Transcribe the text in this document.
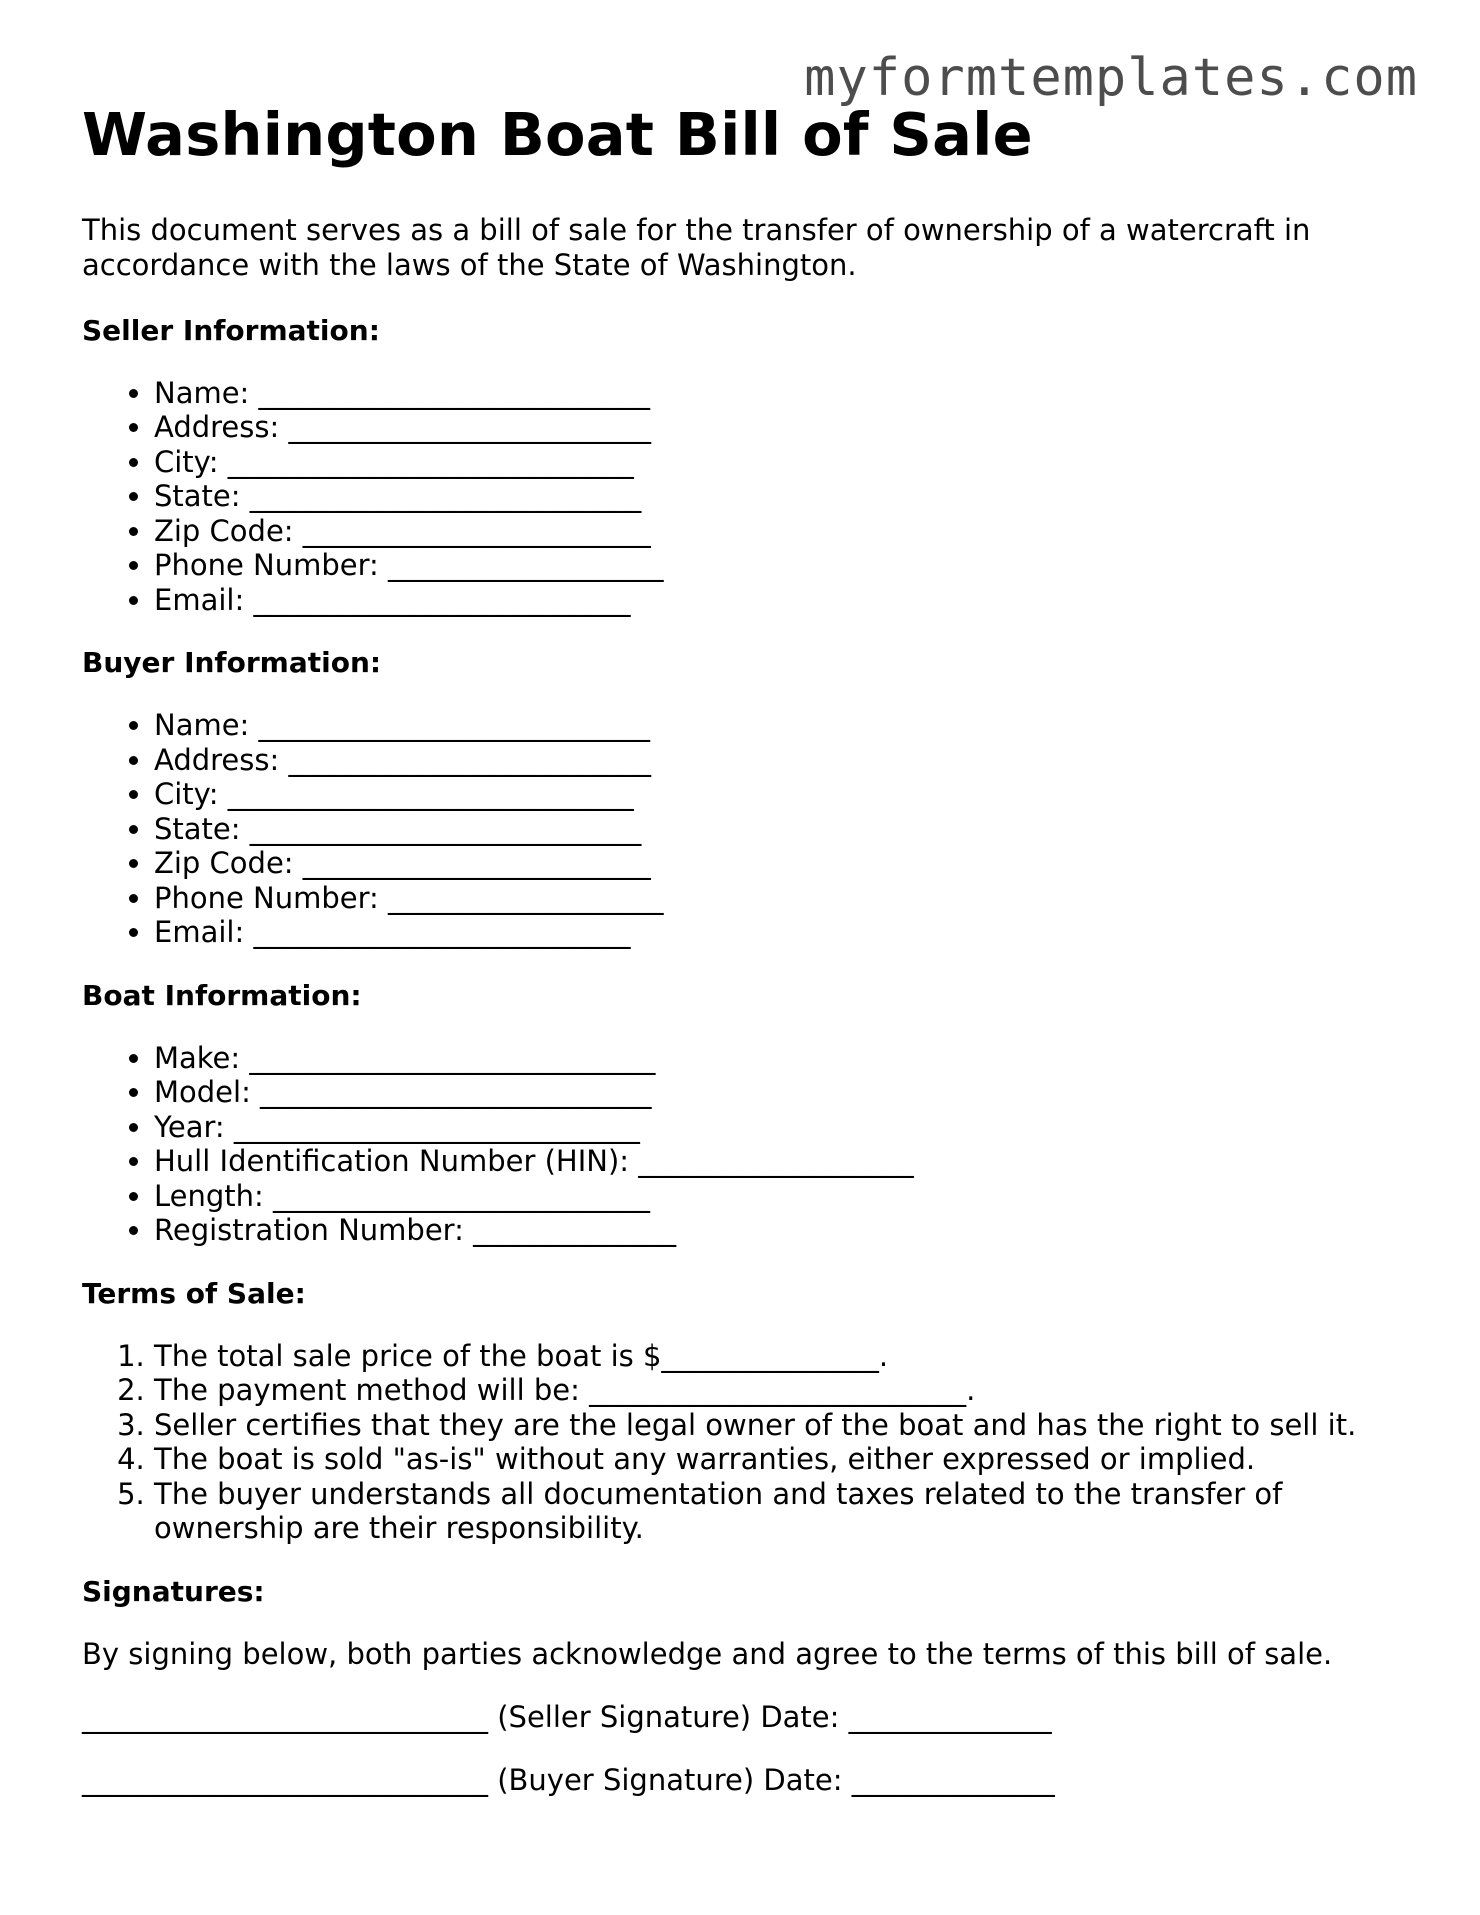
myformtemplates.com
Washington Boat Bill of Sale

This document serves as a bill of sale for the transfer of ownership of a watercraft in accordance with the laws of the State of Washington.

Seller Information:
• Name: ___________________________
• Address: _________________________
• City: ____________________________
• State: ___________________________
• Zip Code: ________________________
• Phone Number: ___________________
• Email: __________________________
Buyer Information:
• Name: ___________________________
• Address: _________________________
• City: ____________________________
• State: ___________________________
• Zip Code: ________________________
• Phone Number: ___________________
• Email: __________________________
Boat Information:
• Make: ____________________________
• Model: ___________________________
• Year: ____________________________
• Hull Identification Number (HIN): ___________________
• Length: __________________________
• Registration Number: ______________
Terms of Sale:
1. The total sale price of the boat is $_______________.
2. The payment method will be: __________________________.
3. Seller certifies that they are the legal owner of the boat and has the right to sell it.
4. The boat is sold "as-is" without any warranties, either expressed or implied.
5. The buyer understands all documentation and taxes related to the transfer of ownership are their responsibility.
Signatures:

By signing below, both parties acknowledge and agree to the terms of this bill of sale.

____________________________ (Seller Signature) Date: ______________
____________________________ (Buyer Signature) Date: ______________
